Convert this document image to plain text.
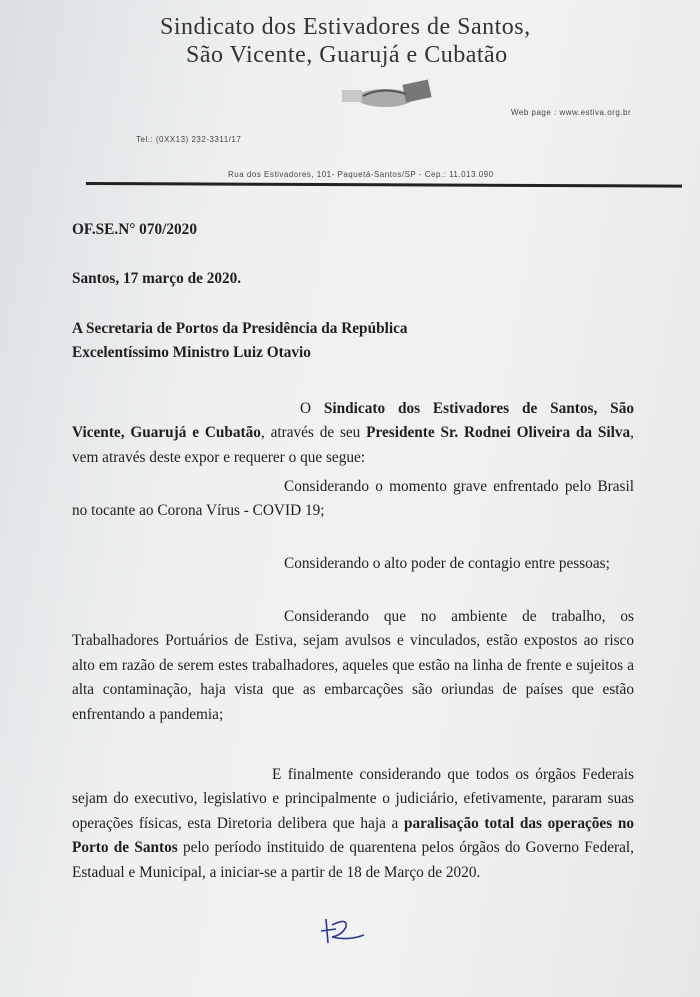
Sindicato dos Estivadores de Santos,
São Vicente, Guarujá e Cubatão
Web page : www.estiva.org.br
Tel.: (0XX13) 232-3311/17
Rua dos Estivadores, 101- Paquetá-Santos/SP - Cep.: 11.013.090
OF.SE.N° 070/2020
Santos, 17 março de 2020.
A Secretaria de Portos da Presidência da República
Excelentíssimo Ministro Luiz Otavio
O Sindicato dos Estivadores de Santos, São Vicente, Guarujá e Cubatão, através de seu Presidente Sr. Rodnei Oliveira da Silva, vem através deste expor e requerer o que segue:
Considerando o momento grave enfrentado pelo Brasil no tocante ao Corona Vírus - COVID 19;
Considerando o alto poder de contagio entre pessoas;
Considerando que no ambiente de trabalho, os Trabalhadores Portuários de Estiva, sejam avulsos e vinculados, estão expostos ao risco alto em razão de serem estes trabalhadores, aqueles que estão na linha de frente e sujeitos a alta contaminação, haja vista que as embarcações são oriundas de países que estão enfrentando a pandemia;
E finalmente considerando que todos os órgãos Federais sejam do executivo, legislativo e principalmente o judiciário, efetivamente, pararam suas operações físicas, esta Diretoria delibera que haja a paralisação total das operações no Porto de Santos pelo período instituido de quarentena pelos órgãos do Governo Federal, Estadual e Municipal, a iniciar-se a partir de 18 de Março de 2020.
